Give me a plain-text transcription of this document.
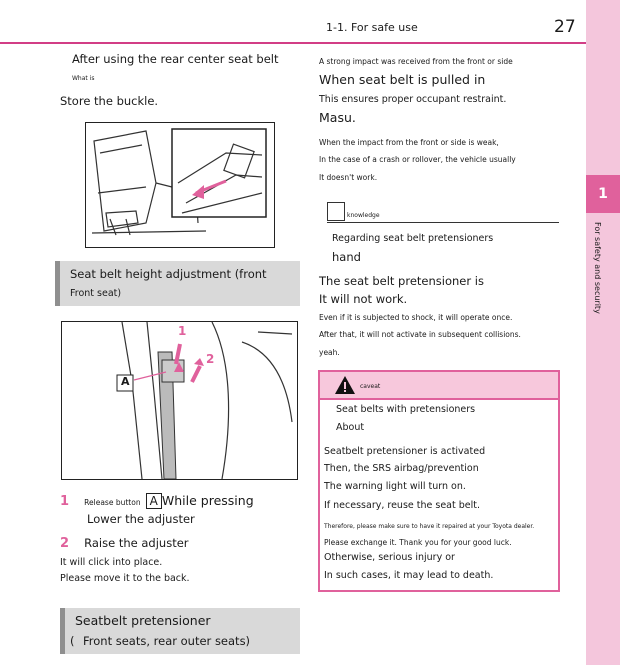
1-1. For safe use	27
1
For safety and security
After using the rear center seat belt
What is
Store the buckle.
Seat belt height adjustment (front
Front seat)
A
1
2
1 Release button A While pressing
Lower the adjuster
2 Raise the adjuster
It will click into place.
Please move it to the back.
Seatbelt pretensioner
( Front seats, rear outer seats)
A strong impact was received from the front or side
When seat belt is pulled in
This ensures proper occupant restraint.
Masu.
When the impact from the front or side is weak,
In the case of a crash or rollover, the vehicle usually
It doesn't work.
knowledge
Regarding seat belt pretensioners
hand
The seat belt pretensioner is
It will not work.
Even if it is subjected to shock, it will operate once.
After that, it will not activate in subsequent collisions.
yeah.
caveat
Seat belts with pretensioners
About
Seatbelt pretensioner is activated
Then, the SRS airbag/prevention
The warning light will turn on.
If necessary, reuse the seat belt.
Therefore, please make sure to have it repaired at your Toyota dealer.
Please exchange it. Thank you for your good luck.
Otherwise, serious injury or
In such cases, it may lead to death.
